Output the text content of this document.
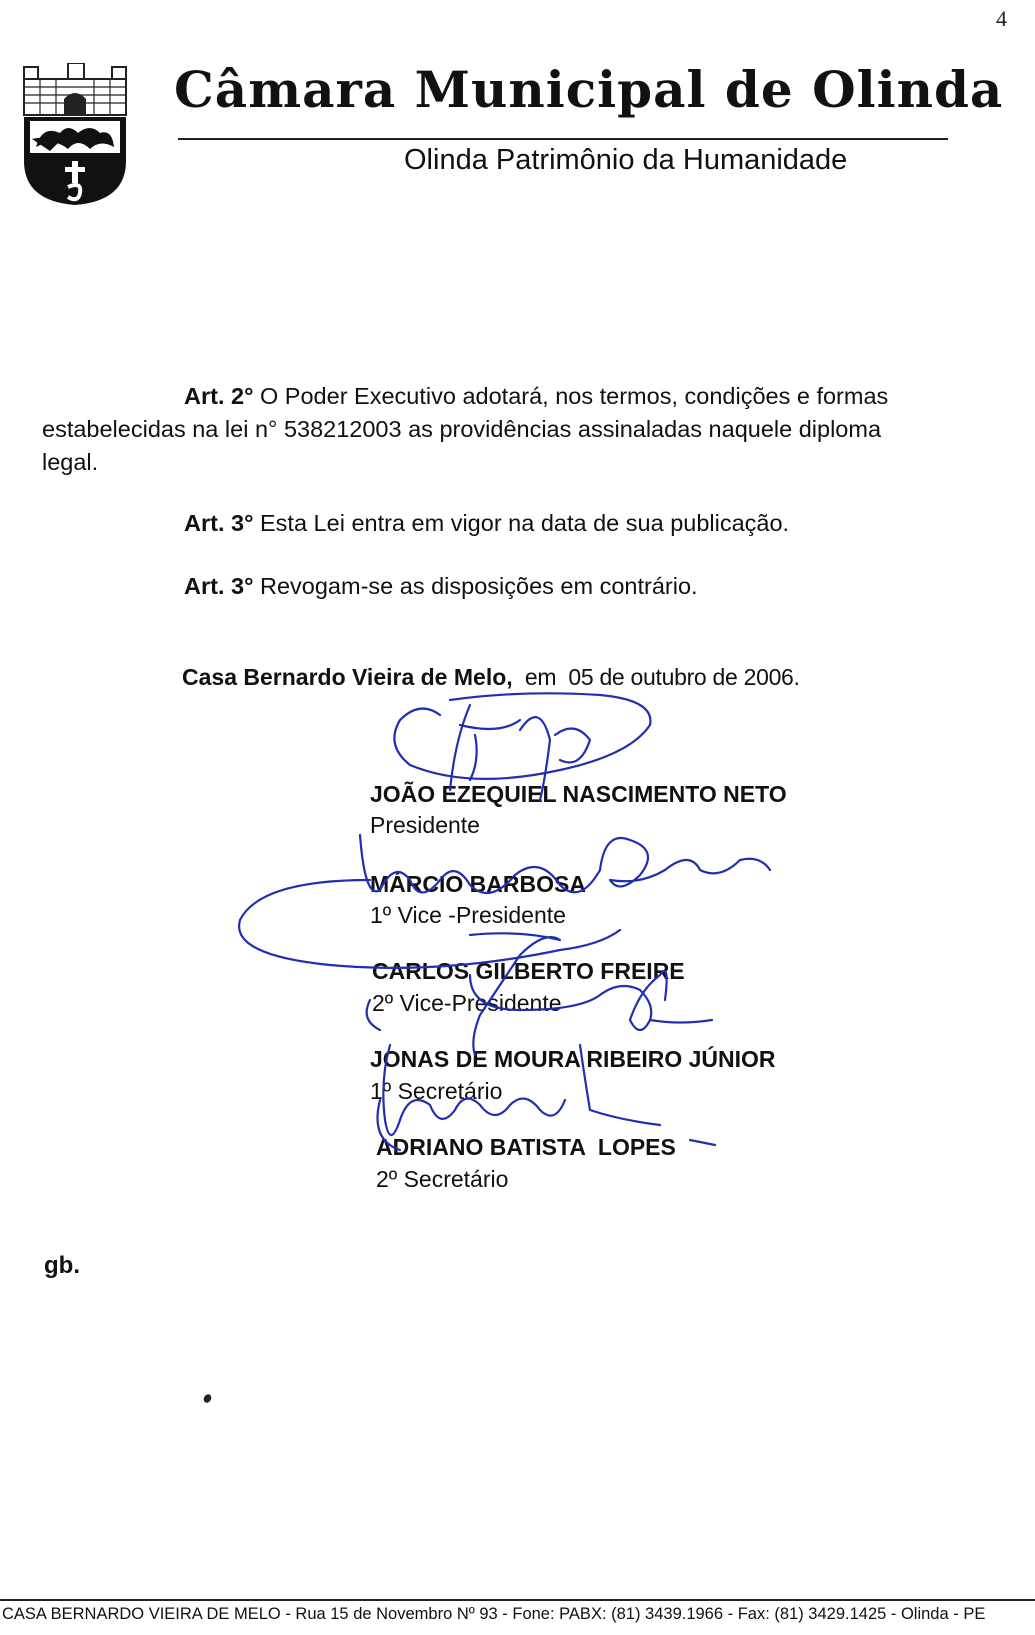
4
Câmara Municipal de Olinda
Olinda Patrimônio da Humanidade
Art. 2° O Poder Executivo adotará, nos termos, condições e formas
estabelecidas na lei n° 538212003 as providências assinaladas naquele diploma
legal.
Art. 3° Esta Lei entra em vigor na data de sua publicação.
Art. 3° Revogam-se as disposições em contrário.
Casa Bernardo Vieira de Melo,  em  05 de outubro de 2006.
JOÃO EZEQUIEL NASCIMENTO NETO
Presidente
MÁRCIO BARBOSA
1º Vice -Presidente
CARLOS GILBERTO FREIRE
2º Vice-Presidente
JONAS DE MOURA RIBEIRO JÚNIOR
1º Secretário
ADRIANO BATISTA  LOPES
2º Secretário
gb.
CASA BERNARDO VIEIRA DE MELO - Rua 15 de Novembro Nº 93 - Fone: PABX: (81) 3439.1966 - Fax: (81) 3429.1425 - Olinda - PE
